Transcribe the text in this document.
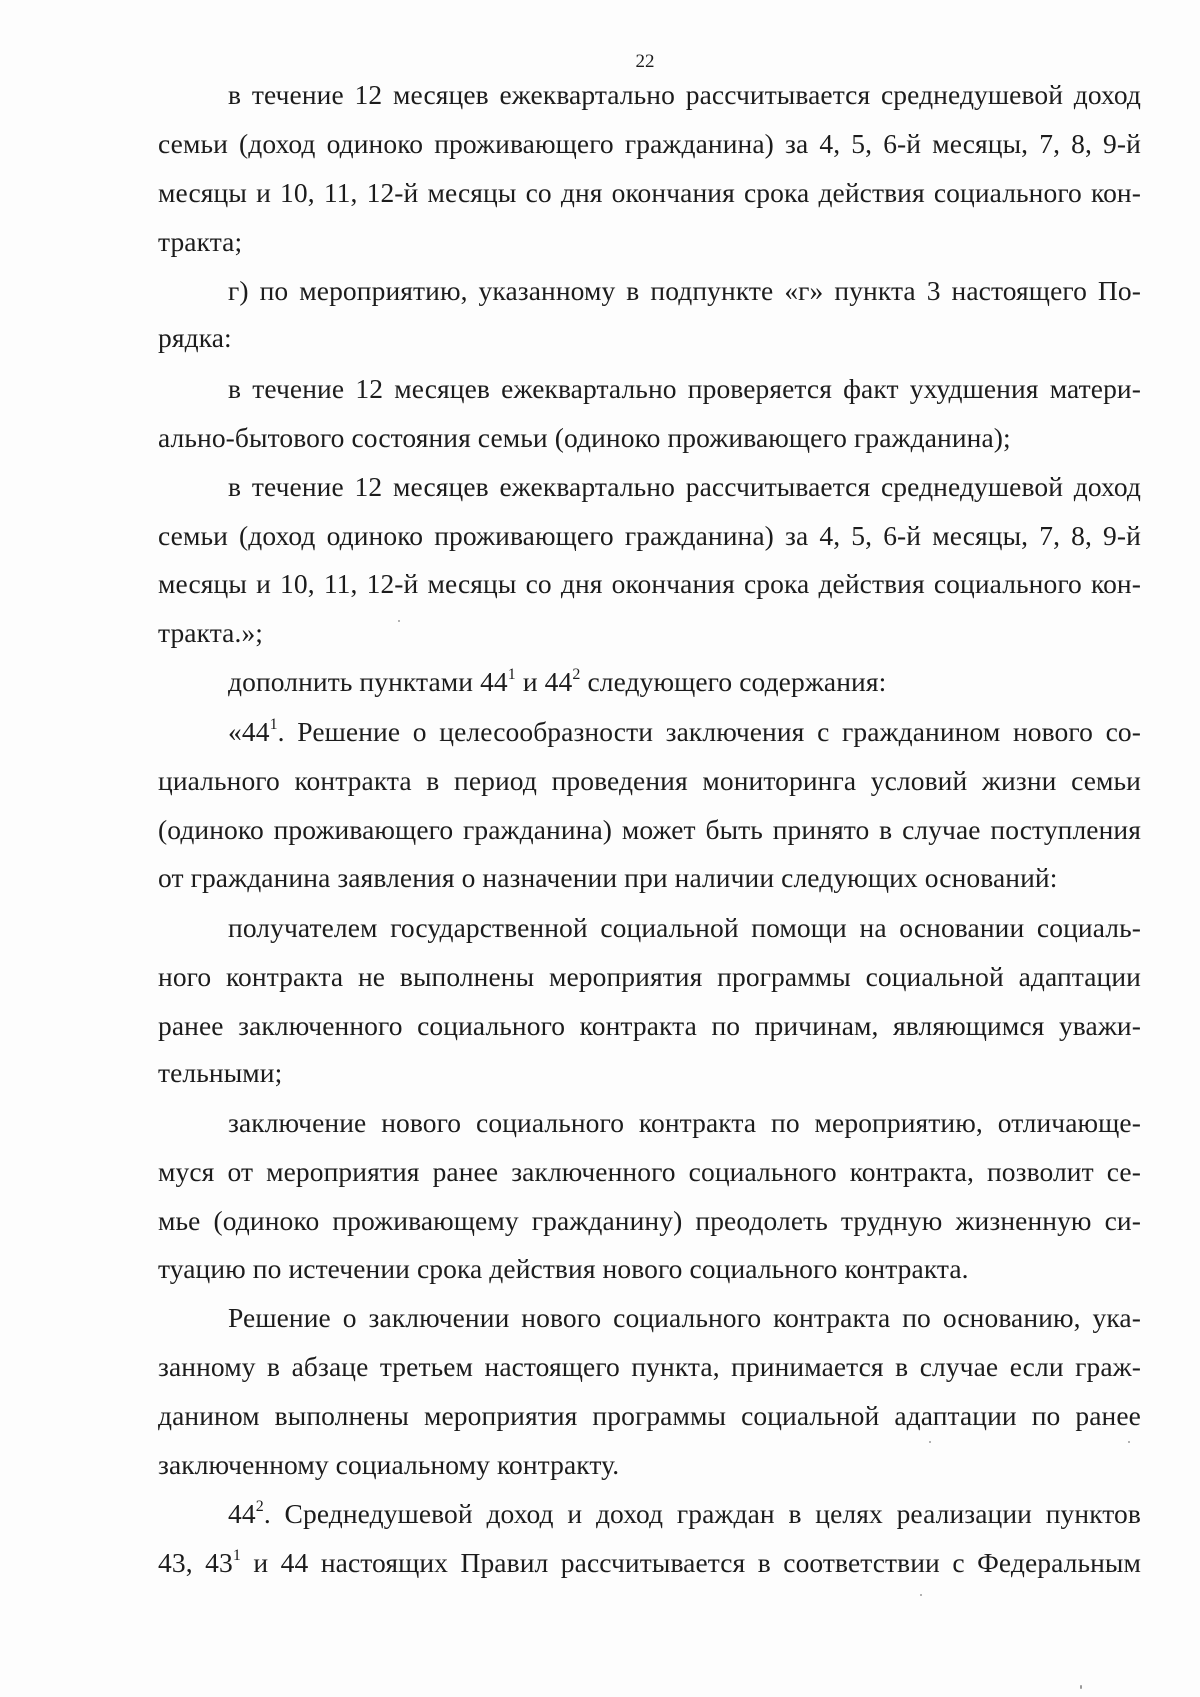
22
в течение 12 месяцев ежеквартально рассчитывается среднедушевой доход
семьи (доход одиноко проживающего гражданина) за 4, 5, 6-й месяцы, 7, 8, 9-й
месяцы и 10, 11, 12-й месяцы со дня окончания срока действия социального кон-
тракта;
г) по мероприятию, указанному в подпункте «г» пункта 3 настоящего По-
рядка:
в течение 12 месяцев ежеквартально проверяется факт ухудшения матери-
ально-бытового состояния семьи (одиноко проживающего гражданина);
в течение 12 месяцев ежеквартально рассчитывается среднедушевой доход
семьи (доход одиноко проживающего гражданина) за 4, 5, 6-й месяцы, 7, 8, 9-й
месяцы и 10, 11, 12-й месяцы со дня окончания срока действия социального кон-
тракта.»;
дополнить пунктами $44^1$ и $44^2$ следующего содержания:
«$44^1$. Решение о целесообразности заключения с гражданином нового со-
циального контракта в период проведения мониторинга условий жизни семьи
(одиноко проживающего гражданина) может быть принято в случае поступления
от гражданина заявления о назначении при наличии следующих оснований:
получателем государственной социальной помощи на основании социаль-
ного контракта не выполнены мероприятия программы социальной адаптации
ранее заключенного социального контракта по причинам, являющимся уважи-
тельными;
заключение нового социального контракта по мероприятию, отличающе-
муся от мероприятия ранее заключенного социального контракта, позволит се-
мье (одиноко проживающему гражданину) преодолеть трудную жизненную си-
туацию по истечении срока действия нового социального контракта.
Решение о заключении нового социального контракта по основанию, ука-
занному в абзаце третьем настоящего пункта, принимается в случае если граж-
данином выполнены мероприятия программы социальной адаптации по ранее
заключенному социальному контракту.
$44^2$. Среднедушевой доход и доход граждан в целях реализации пунктов
43, $43^1$ и 44 настоящих Правил рассчитывается в соответствии с Федеральным
